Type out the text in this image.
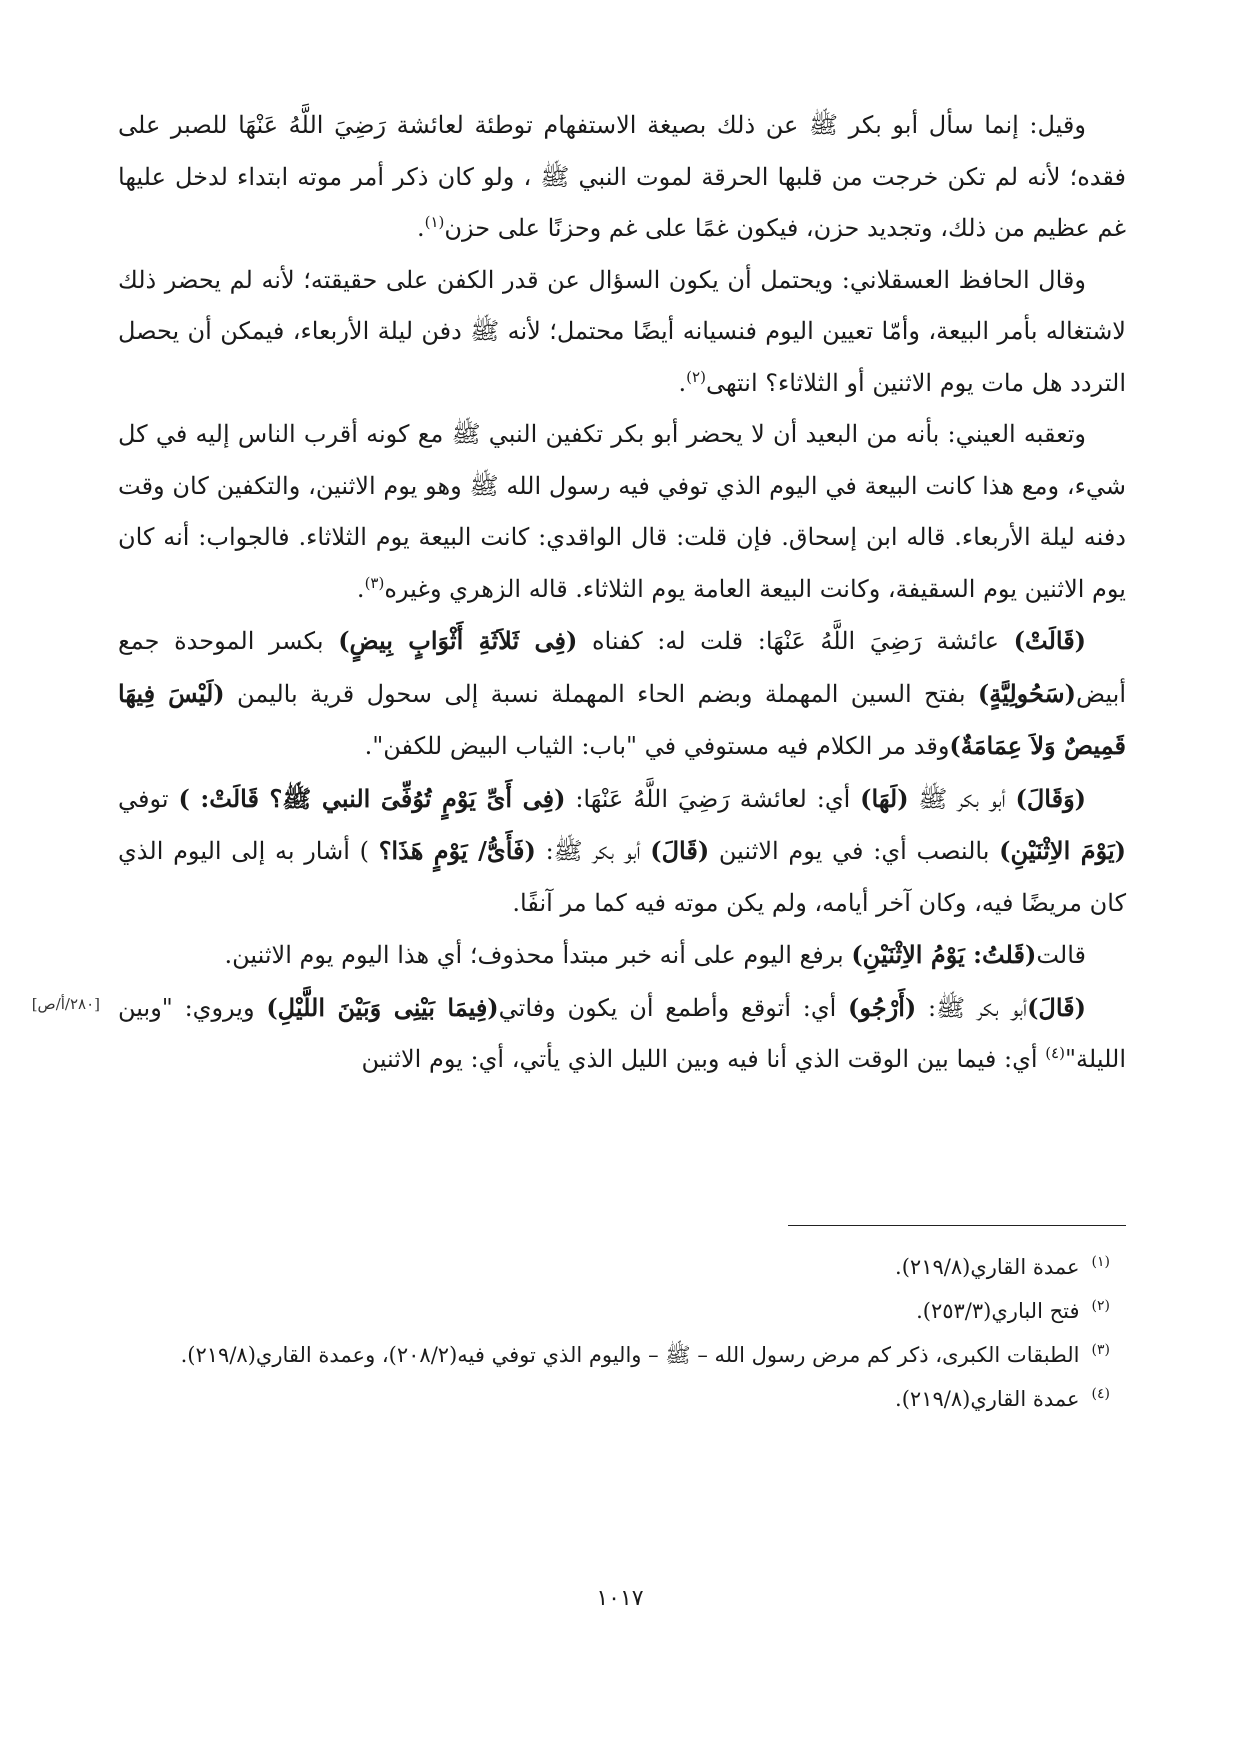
وقيل: إنما سأل أبو بكر ﷺ عن ذلك بصيغة الاستفهام توطئة لعائشة رَضِيَ اللَّهُ عَنْهَا للصبر على فقده؛ لأنه لم تكن خرجت من قلبها الحرقة لموت النبي ﷺ ، ولو كان ذكر أمر موته ابتداء لدخل عليها غم عظيم من ذلك، وتجديد حزن، فيكون غمًا على غم وحزنًا على حزن$^{(١)}$.

وقال الحافظ العسقلاني: ويحتمل أن يكون السؤال عن قدر الكفن على حقيقته؛ لأنه لم يحضر ذلك لاشتغاله بأمر البيعة، وأمّا تعيين اليوم فنسيانه أيضًا محتمل؛ لأنه ﷺ دفن ليلة الأربعاء، فيمكن أن يحصل التردد هل مات يوم الاثنين أو الثلاثاء؟ انتهى$^{(٢)}$.

وتعقبه العيني: بأنه من البعيد أن لا يحضر أبو بكر تكفين النبي ﷺ مع كونه أقرب الناس إليه في كل شيء، ومع هذا كانت البيعة في اليوم الذي توفي فيه رسول الله ﷺ وهو يوم الاثنين، والتكفين كان وقت دفنه ليلة الأربعاء. قاله ابن إسحاق. فإن قلت: قال الواقدي: كانت البيعة يوم الثلاثاء. فالجواب: أنه كان يوم الاثنين يوم السقيفة، وكانت البيعة العامة يوم الثلاثاء. قاله الزهري وغيره$^{(٣)}$.

(قَالَتْ) عائشة رَضِيَ اللَّهُ عَنْهَا: قلت له: كفناه (فِى ثَلاَثَةِ أَثْوَابٍ بِيضٍ) بكسر الموحدة جمع أبيض(سَحُولِيَّةٍ) بفتح السين المهملة وبضم الحاء المهملة نسبة إلى سحول قرية باليمن (لَيْسَ فِيهَا قَمِيصٌ وَلاَ عِمَامَةٌ)وقد مر الكلام فيه مستوفي في "باب: الثياب البيض للكفن".

(وَقَالَ) أبو بكر ﷺ (لَهَا) أي: لعائشة رَضِيَ اللَّهُ عَنْهَا: (فِى أَىِّ يَوْمٍ تُوُفِّىَ النبي ﷺ؟ قَالَتْ: ) توفي (يَوْمَ الاِثْنَيْنِ) بالنصب أي: في يوم الاثنين (قَالَ) أبو بكر ﷺ: (فَأَىُّ/ يَوْمٍ هَذَا؟ ) أشار به إلى اليوم الذي كان مريضًا فيه، وكان آخر أيامه، ولم يكن موته فيه كما مر آنفًا.

قالت(قَلتُ: يَوْمُ الاِثْنَيْنِ) برفع اليوم على أنه خبر مبتدأ محذوف؛ أي هذا اليوم يوم الاثنين.

(قَالَ)أبو بكر ﷺ: (أَرْجُو) أي: أتوقع وأطمع أن يكون وفاتي(فِيمَا بَيْنِى وَبَيْنَ اللَّيْلِ) ويروي: "وبين الليلة"$^{(٤)}$ أي: فيما بين الوقت الذي أنا فيه وبين الليل الذي يأتي، أي: يوم الاثنين

[٢٨٠/أ/ص]

$^{(١)}$عمدة القاري(٢١٩/٨).

$^{(٢)}$فتح الباري(٢٥٣/٣).

$^{(٣)}$الطبقات الكبرى، ذكر كم مرض رسول الله – ﷺ – واليوم الذي توفي فيه(٢٠٨/٢)، وعمدة القاري(٢١٩/٨).

$^{(٤)}$عمدة القاري(٢١٩/٨).

١٠١٧
